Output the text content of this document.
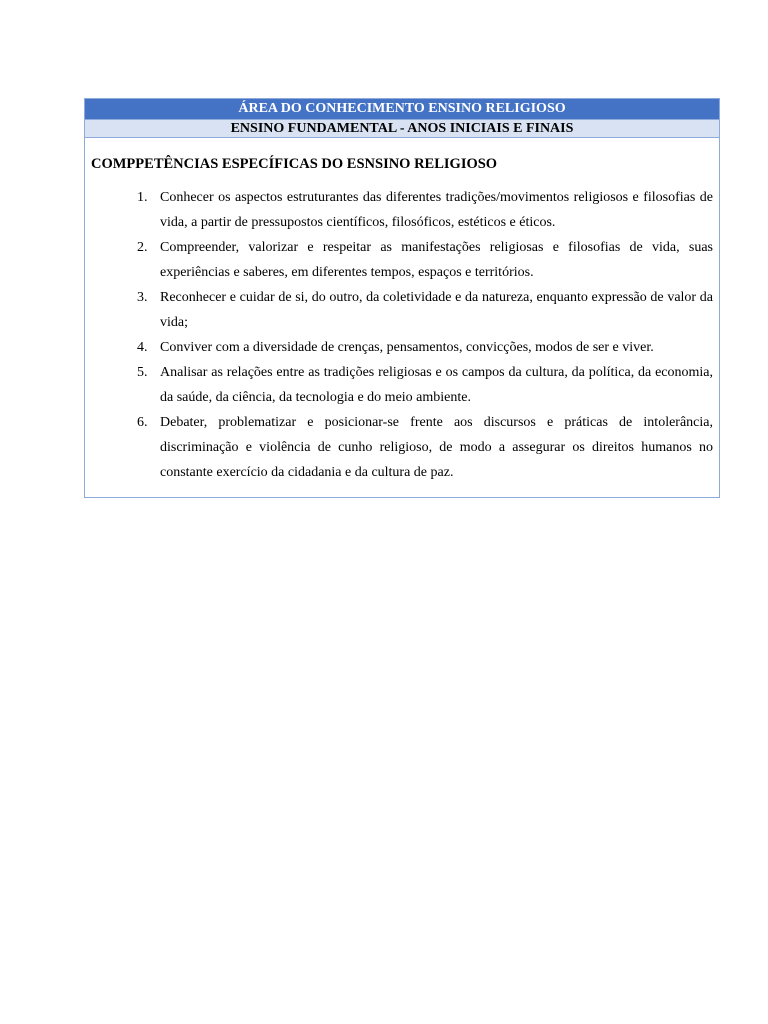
ÁREA DO CONHECIMENTO ENSINO RELIGIOSO
ENSINO FUNDAMENTAL - ANOS INICIAIS E FINAIS
COMPPETÊNCIAS ESPECÍFICAS DO ESNSINO RELIGIOSO
1. Conhecer os aspectos estruturantes das diferentes tradições/movimentos religiosos e filosofias de vida, a partir de pressupostos científicos, filosóficos, estéticos e éticos.
2. Compreender, valorizar e respeitar as manifestações religiosas e filosofias de vida, suas experiências e saberes, em diferentes tempos, espaços e territórios.
3. Reconhecer e cuidar de si, do outro, da coletividade e da natureza, enquanto expressão de valor da vida;
4. Conviver com a diversidade de crenças, pensamentos, convicções, modos de ser e viver.
5. Analisar as relações entre as tradições religiosas e os campos da cultura, da política, da economia, da saúde, da ciência, da tecnologia e do meio ambiente.
6. Debater, problematizar e posicionar-se frente aos discursos e práticas de intolerância, discriminação e violência de cunho religioso, de modo a assegurar os direitos humanos no constante exercício da cidadania e da cultura de paz.
